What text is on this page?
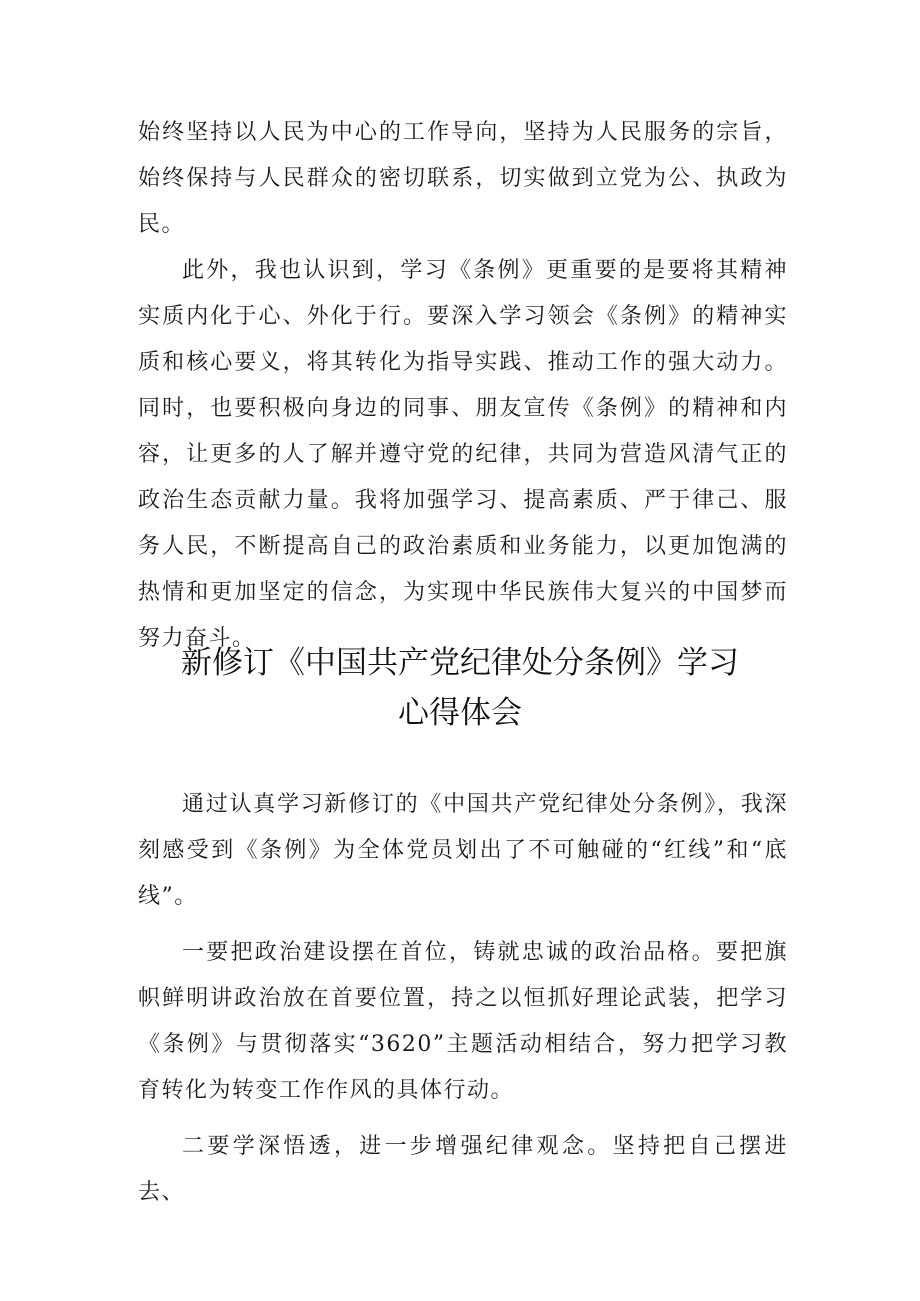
始终坚持以人民为中心的工作导向，坚持为人民服务的宗旨，始终保持与人民群众的密切联系，切实做到立党为公、执政为民。

此外，我也认识到，学习《条例》更重要的是要将其精神实质内化于心、外化于行。要深入学习领会《条例》的精神实质和核心要义，将其转化为指导实践、推动工作的强大动力。同时，也要积极向身边的同事、朋友宣传《条例》的精神和内容，让更多的人了解并遵守党的纪律，共同为营造风清气正的政治生态贡献力量。我将加强学习、提高素质、严于律己、服务人民，不断提高自己的政治素质和业务能力，以更加饱满的热情和更加坚定的信念，为实现中华民族伟大复兴的中国梦而努力奋斗。

新修订《中国共产党纪律处分条例》学习
心得体会

通过认真学习新修订的《中国共产党纪律处分条例》，我深刻感受到《条例》为全体党员划出了不可触碰的“红线”和“底线”。

一要把政治建设摆在首位，铸就忠诚的政治品格。要把旗帜鲜明讲政治放在首要位置，持之以恒抓好理论武装，把学习《条例》与贯彻落实“3620”主题活动相结合，努力把学习教育转化为转变工作作风的具体行动。

二要学深悟透，进一步增强纪律观念。坚持把自己摆进去、
